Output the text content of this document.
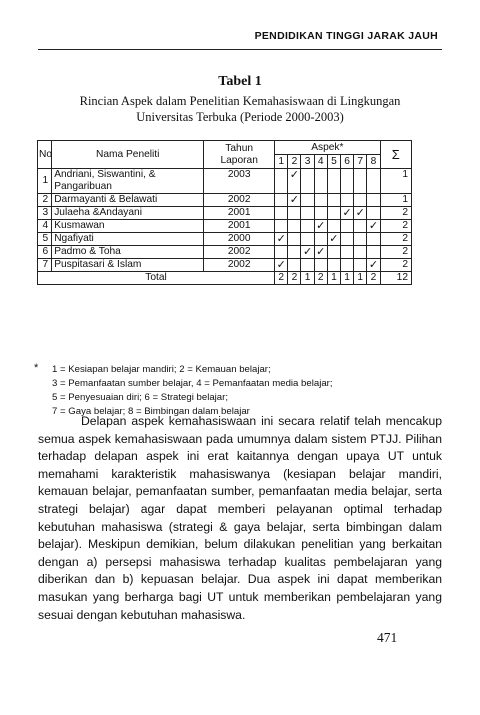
PENDIDIKAN TINGGI JARAK JAUH
Tabel 1
Rincian Aspek dalam Penelitian Kemahasiswaan di Lingkungan
Universitas Terbuka (Periode 2000-2003)
No	Nama Peneliti	Tahun
Laporan	Aspek*								Σ
			1	2	3	4	5	6	7	8	
1	Andriani, Siswantini, &
Pangaribuan	2003		✓							1
2	Darmayanti & Belawati	2002		✓							1
3	Julaeha &Andayani	2001						✓	✓		2
4	Kusmawan	2001				✓				✓	2
5	Ngafiyati	2000	✓				✓				2
6	Padmo & Toha	2002			✓	✓					2
7	Puspitasari & Islam	2002	✓							✓	2
Total			2	2	1	2	1	1	1	2	12
* 1 = Kesiapan belajar mandiri; 2 = Kemauan belajar;
3 = Pemanfaatan sumber belajar, 4 = Pemanfaatan media belajar;
5 = Penyesuaian diri; 6 = Strategi belajar;
7 = Gaya belajar; 8 = Bimbingan dalam belajar

Delapan aspek kemahasiswaan ini secara relatif telah mencakup semua aspek kemahasiswaan pada umumnya dalam sistem PTJJ. Pilihan terhadap delapan aspek ini erat kaitannya dengan upaya UT untuk memahami karakteristik mahasiswanya (kesiapan belajar mandiri, kemauan belajar, pemanfaatan sumber, pemanfaatan media belajar, serta strategi belajar) agar dapat memberi pelayanan optimal terhadap kebutuhan mahasiswa (strategi & gaya belajar, serta bimbingan dalam belajar). Meskipun demikian, belum dilakukan penelitian yang berkaitan dengan a) persepsi mahasiswa terhadap kualitas pembelajaran yang diberikan dan b) kepuasan belajar. Dua aspek ini dapat memberikan masukan yang berharga bagi UT untuk memberikan pembelajaran yang sesuai dengan kebutuhan mahasiswa.

471
